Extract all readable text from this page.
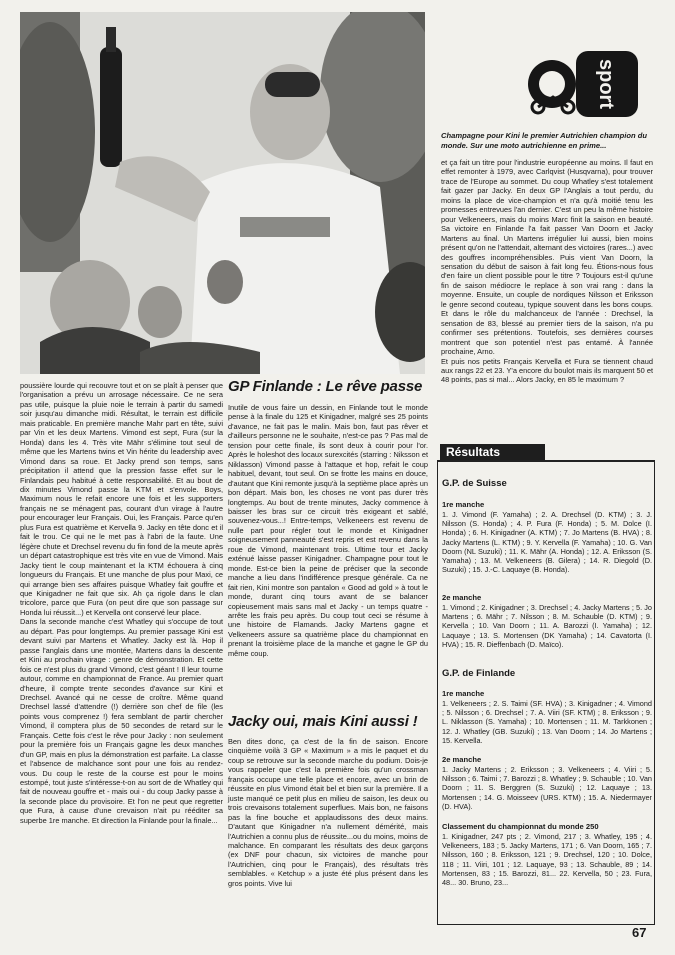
sport
Champagne pour Kini le premier Autrichien champion du monde. Sur une moto autrichienne en prime...

poussière lourde qui recouvre tout et on se plaît à penser que l'organisation a prévu un arrosage nécessaire. Ce ne sera pas utile, puisque la pluie noie le terrain à partir du samedi soir jusqu'au dimanche midi. Résultat, le terrain est difficile mais praticable. En première manche Mahr part en tête, suivi par Vin et les deux Martens. Vimond est sept, Fura (sur la Honda) dans les 4. Très vite Mähr s'élimine tout seul de même que les Martens twins et Vin hérite du leadership avec Vimond dans sa roue. Et Jacky prend son temps, sans précipitation il attend que la pression fasse effet sur le Finlandais peu habitué à cette responsabilité. Et au bout de dix minutes Vimond passe la KTM et s'envole. Boys, Maximum nous le refait encore une fois et les supporters français ne se ménagent pas, courant d'un virage à l'autre pour encourager leur Français. Oui, les Français. Parce qu'en plus Fura est quatrième et Kervella 9. Jacky en tête donc et il fait le trou. Ce qui ne le met pas à l'abri de la faute. Une légère chute et Drechsel revenu du fin fond de la meute après un départ catastrophique est très vite en vue de Vimond. Mais Jacky tient le coup maintenant et la KTM échouera à cinq longueurs du Français. Et une manche de plus pour Maxi, ce qui arrange bien ses affaires puisque Whatley fait gouffre et que Kinigadner ne fait que six. Ah ça rigole dans le clan tricolore, parce que Fura (on peut dire que son passage sur Honda lui réussit...) et Kervella ont conservé leur place.

Dans la seconde manche c'est Whatley qui s'occupe de tout au départ. Pas pour longtemps. Au premier passage Kini est devant suivi par Martens et Whatley. Jacky est là. Hop il passe l'anglais dans une montée, Martens dans la descente et Kini au prochain virage : genre de démonstration. Et cette fois ce n'est plus du grand Vimond, c'est géant ! Il leur tourne autour, comme en championnat de France. Au premier quart d'heure, il compte trente secondes d'avance sur Kini et Drechsel. Avancé qui ne cesse de croître. Même quand Drechsel lassé d'attendre (!) derrière son chef de file (les points vous comprenez !) fera semblant de partir chercher Vimond, il comptera plus de 50 secondes de retard sur le Français. Cette fois c'est le rêve pour Jacky : non seulement pour la première fois un Français gagne les deux manches d'un GP, mais en plus la démonstration est parfaite. La classe et l'absence de malchance sont pour une fois au rendez-vous. Du coup le reste de la course est pour le moins estompé, tout juste s'intéresse-t-on au sort de de Whatley qui fait de nouveau gouffre et - mais oui - du coup Jacky passe à la seconde place du provisoire. Et l'on ne peut que regretter que Fura, à cause d'une crevaison n'ait pu rééditer sa superbe 1re manche. Et direction la Finlande pour la finale...

GP Finlande : Le rêve passe

Inutile de vous faire un dessin, en Finlande tout le monde pense à la finale du 125 et Kinigadner, malgré ses 25 points d'avance, ne fait pas le malin. Mais bon, faut pas rêver et d'ailleurs personne ne le souhaite, n'est-ce pas ? Pas mal de tension pour cette finale, ils sont deux à courir pour l'or. Après le holeshot des locaux surexcités (starring : Niksson et Niklasson) Vimond passe à l'attaque et hop, refait le coup habituel, devant, tout seul. On se frotte les mains en douce, d'autant que Kini remonte jusqu'à la septième place après un bon départ. Mais bon, les choses ne vont pas durer très longtemps. Au bout de trente minutes, Jacky commence à baisser les bras sur ce circuit très exigeant et sablé, souvenez-vous...! Entre-temps, Velkeneers est revenu de nulle part pour régler tout le monde et Kinigadner soigneusement panneauté s'est repris et est revenu dans la roue de Vimond, maintenant trois. Ultime tour et Jacky exténué laisse passer Kinigadner. Champagne pour tout le monde. Est-ce bien la peine de préciser que la seconde manche a lieu dans l'indifférence presque générale. Ca ne fait rien, Kini montre son pantalon « Good ad gold » à tout le monde, durant cinq tours avant de se balancer copieusement mais sans mal et Jacky - un temps quatre - arrête les frais peu après. Du coup tout ceci se résume à une histoire de Flamands. Jacky Martens gagne et Velkeneers assure sa quatrième place du championnat en prenant la troisième place de la manche et gagne le GP du même coup.

Jacky oui, mais Kini aussi !

Ben dites donc, ça c'est de la fin de saison. Encore cinquième voilà 3 GP « Maximum » a mis le paquet et du coup se retrouve sur la seconde marche du podium. Dois-je vous rappeler que c'est la première fois qu'un crossman français occupe une telle place et encore, avec un brin de réussite en plus Vimond était bel et bien sur la première. Il a juste manqué ce petit plus en milieu de saison, les deux ou trois crevaisons totalement superflues. Mais bon, ne faisons pas la fine bouche et applaudissons des deux mains. D'autant que Kinigadner n'a nullement démérité, mais l'Autrichien a connu plus de réussite...ou du moins, moins de malchance. En comparant les résultats des deux garçons (ex DNF pour chacun, six victoires de manche pour l'Autrichien, cinq pour le Français), des résultats très semblables. « Ketchup » a juste été plus présent dans les gros points. Vive lui

et ça fait un titre pour l'industrie européenne au moins. Il faut en effet remonter à 1979, avec Carlqvist (Husqvarna), pour trouver trace de l'Europe au sommet. Du coup Whatley s'est totalement fait gazer par Jacky. En deux GP l'Anglais a tout perdu, du moins la place de vice-champion et n'a qu'à moitié tenu les promesses entrevues l'an dernier. C'est un peu la même histoire pour Velkeneers, mais du moins Marc finit la saison en beauté. Sa victoire en Finlande l'a fait passer Van Doorn et Jacky Martens au final. Un Martens irrégulier lui aussi, bien moins présent qu'on ne l'attendait, alternant des victoires (rares...) avec des gouffres incompréhensibles. Puis vient Van Doorn, la sensation du début de saison à fait long feu. Étions-nous fous d'en faire un client possible pour le titre ? Toujours est-il qu'une fin de saison médiocre le replace à son vrai rang : dans la moyenne. Ensuite, un couple de nordiques Nilsson et Eriksson le genre second couteau, typique souvent dans les bons coups. Et dans le rôle du malchanceux de l'année : Drechsel, la sensation de 83, blessé au premier tiers de la saison, n'a pu confirmer ses prétentions. Toutefois, ses dernières courses montrent que son potentiel n'est pas entamé. À l'année prochaine, Arno.

Et puis nos petits Français Kervella et Fura se tiennent chaud aux rangs 22 et 23. Y'a encore du boulot mais ils marquent 50 et 48 points, pas si mal... Alors Jacky, en 85 le maximum ?

Résultats
G.P. de Suisse
1re manche
1. J. Vimond (F. Yamaha) ; 2. A. Drechsel (D. KTM) ; 3. J. Nilsson (S. Honda) ; 4. P. Fura (F. Honda) ; 5. M. Dolce (I. Honda) ; 6. H. Kinigadner (A. KTM) ; 7. Jo Martens (B. HVA) ; 8. Jacky Martens (L. KTM) ; 9. Y. Kervella (F. Yamaha) ; 10. G. Van Doorn (NL Suzuki) ; 11. K. Mähr (A. Honda) ; 12. A. Eriksson (S. Yamaha) ; 13. M. Velkeneers (B. Gilera) ; 14. R. Diegold (D. Suzuki) ; 15. J.-C. Laquaye (B. Honda).
2e manche
1. Vimond ; 2. Kinigadner ; 3. Drechsel ; 4. Jacky Martens ; 5. Jo Martens ; 6. Mähr ; 7. Nilsson ; 8. M. Schauble (D. KTM) ; 9. Kervella ; 10. Van Doorn ; 11. A. Barozzi (I. Yamaha) ; 12. Laquaye ; 13. S. Mortensen (DK Yamaha) ; 14. Cavatorta (I. HVA) ; 15. R. Dieffenbach (D. Maïco).
G.P. de Finlande
1re manche
1. Velkeneers ; 2. S. Taimi (SF. HVA) ; 3. Kinigadner ; 4. Vimond ; 5. Nilsson ; 6. Drechsel ; 7. A. Viiri (SF. KTM) ; 8. Eriksson ; 9. L. Niklasson (S. Yamaha) ; 10. Mortensen ; 11. M. Tarkkonen ; 12. J. Whatley (GB. Suzuki) ; 13. Van Doorn ; 14. Jo Martens ; 15. Kervella.
2e manche
1. Jacky Martens ; 2. Eriksson ; 3. Velkeneers ; 4. Viiri ; 5. Nilsson ; 6. Taimi ; 7. Barozzi ; 8. Whatley ; 9. Schauble ; 10. Van Doorn ; 11. S. Berggren (S. Suzuki) ; 12. Laquaye ; 13. Mortensen ; 14. G. Moisseev (URS. KTM) ; 15. A. Niedermayer (D. HVA).
Classement du championnat du monde 250
1. Kinigadner, 247 pts ; 2. Vimond, 217 ; 3. Whatley, 195 ; 4. Velkeneers, 183 ; 5. Jacky Martens, 171 ; 6. Van Doorn, 165 ; 7. Nilsson, 160 ; 8. Eriksson, 121 ; 9. Drechsel, 120 ; 10. Dolce, 118 ; 11. Viiri, 101 ; 12. Laquaye, 93 ; 13. Schauble, 89 ; 14. Mortensen, 83 ; 15. Barozzi, 81... 22. Kervella, 50 ; 23. Fura, 48... 30. Bruno, 23...
67
